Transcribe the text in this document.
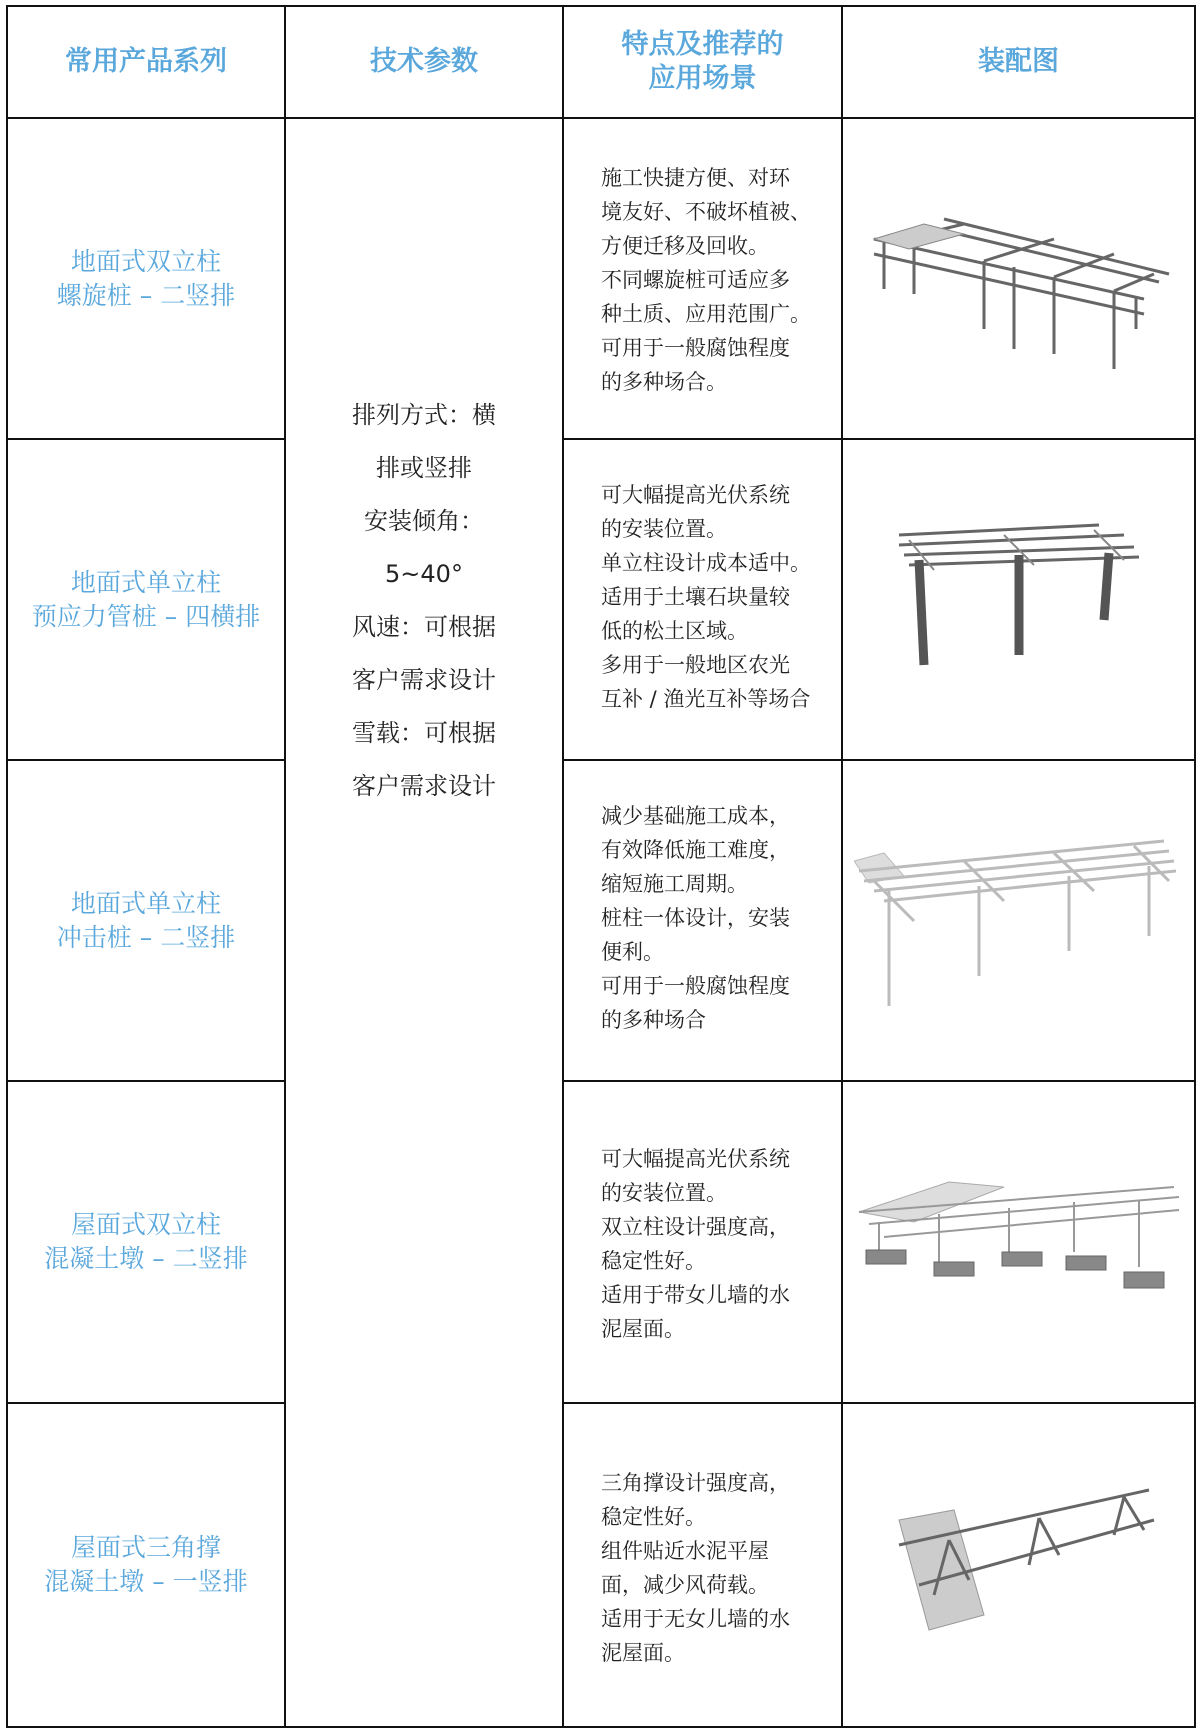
常用产品系列	技术参数
特点及推荐的
应用场景
装配图
排列方式：横
排或竖排
安装倾角：
5~40°
风速：可根据
客户需求设计
雪载：可根据
客户需求设计
地面式双立柱
螺旋桩 – 二竖排
施工快捷方便、对环
境友好、不破坏植被、
方便迁移及回收。
不同螺旋桩可适应多
种土质、应用范围广。
可用于一般腐蚀程度
的多种场合。
地面式单立柱
预应力管桩 – 四横排
可大幅提高光伏系统
的安装位置。
单立柱设计成本适中。
适用于土壤石块量较
低的松土区域。
多用于一般地区农光
互补 / 渔光互补等场合
地面式单立柱
冲击桩 – 二竖排
减少基础施工成本，
有效降低施工难度，
缩短施工周期。
桩柱一体设计，安装
便利。
可用于一般腐蚀程度
的多种场合
屋面式双立柱
混凝土墩 – 二竖排
可大幅提高光伏系统
的安装位置。
双立柱设计强度高，
稳定性好。
适用于带女儿墙的水
泥屋面。
屋面式三角撑
混凝土墩 – 一竖排
三角撑设计强度高，
稳定性好。
组件贴近水泥平屋
面，减少风荷载。
适用于无女儿墙的水
泥屋面。
